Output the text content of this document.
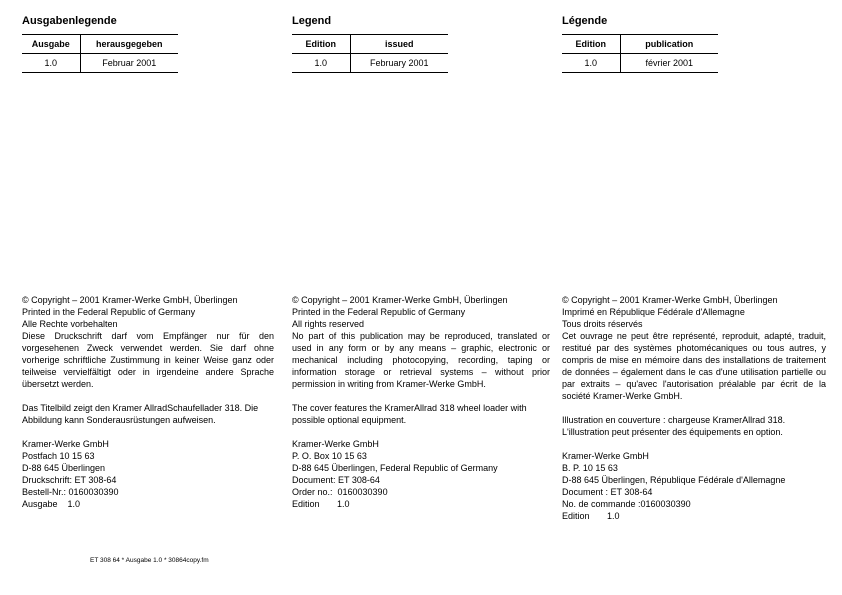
Ausgabenlegende
Ausgabe	herausgegeben
1.0	Februar 2001
Legend
Edition	issued
1.0	February 2001
Légende
Edition	publication
1.0	février 2001

© Copyright – 2001 Kramer-Werke GmbH, Überlingen

Printed in the Federal Republic of Germany

Alle Rechte vorbehalten

Diese Druckschrift darf vom Empfänger nur für den vorgesehenen Zweck verwendet werden. Sie darf ohne vorherige schriftliche Zustimmung in keiner Weise ganz oder teilweise vervielfältigt oder in irgendeine andere Sprache übersetzt werden.

Das Titelbild zeigt den Kramer AllradSchaufellader 318. Die Abbildung kann Sonderausrüstungen aufweisen.

Kramer-Werke GmbH

Postfach 10 15 63

D-88 645 Überlingen

Druckschrift: ET 308-64

Bestell-Nr.: 0160030390

Ausgabe    1.0

© Copyright – 2001 Kramer-Werke GmbH, Überlingen

Printed in the Federal Republic of Germany

All rights reserved

No part of this publication may be reproduced, translated or used in any form or by any means – graphic, electronic or mechanical including photocopying, recording, taping or information storage or retrieval systems – without prior permission in writing from Kramer-Werke GmbH.

The cover features the KramerAllrad 318 wheel loader with possible optional equipment.

Kramer-Werke GmbH

P. O. Box 10 15 63

D-88 645 Überlingen, Federal Republic of Germany

Document: ET 308-64

Order no.:  0160030390

Edition       1.0

© Copyright – 2001 Kramer-Werke GmbH, Überlingen

Imprimé en République Fédérale d'Allemagne

Tous droits réservés

Cet ouvrage ne peut être représenté, reproduit, adapté, traduit, restitué par des systèmes photomécaniques ou tous autres, y compris de mise en mémoire dans des installations de traitement de données – également dans le cas d'une utilisation partielle ou par extraits – qu'avec l'autorisation préalable par écrit de la société Kramer-Werke GmbH.

Illustration en couverture : chargeuse KramerAllrad 318. L'illustration peut présenter des équipements en option.

Kramer-Werke GmbH

B. P. 10 15 63

D-88 645 Überlingen, République Fédérale d'Allemagne

Document : ET 308-64

No. de commande :0160030390

Edition       1.0

ET 308 64 * Ausgabe 1.0 * 30864copy.fm
